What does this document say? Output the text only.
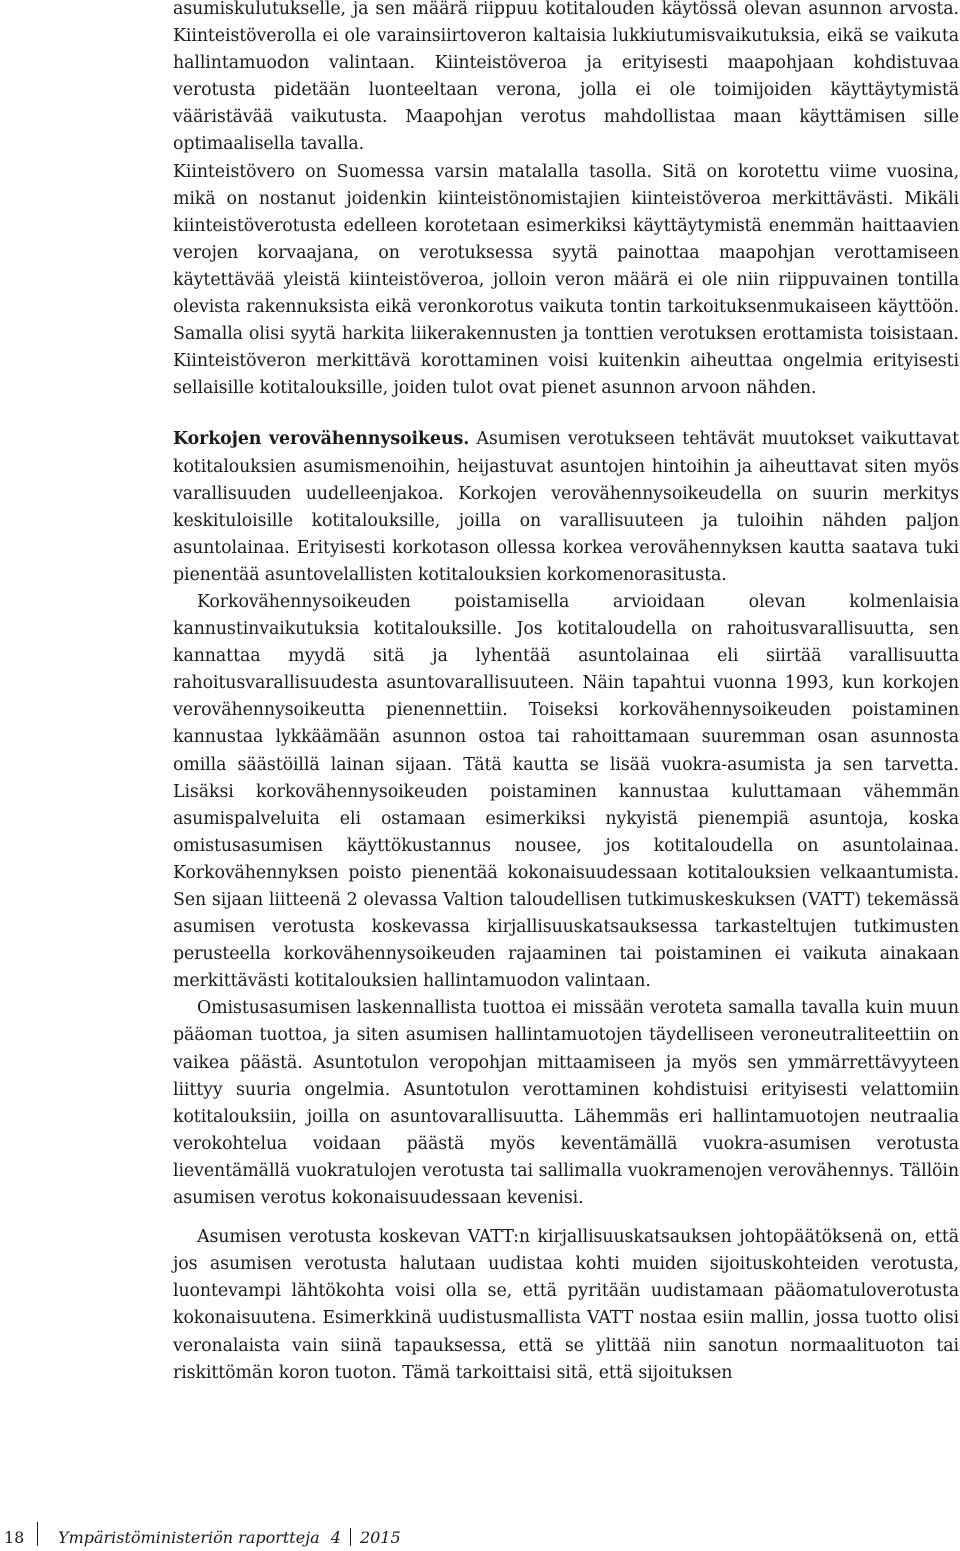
asumiskulutukselle, ja sen määrä riippuu kotitalouden käytössä olevan asunnon arvosta. Kiinteistöverolla ei ole varainsiirtoveron kaltaisia lukkiutumisvaikutuksia, eikä se vaikuta hallintamuodon valintaan. Kiinteistöveroa ja erityisesti maapohjaan kohdistuvaa verotusta pidetään luonteeltaan verona, jolla ei ole toimijoiden käyttäytymistä vääristävää vaikutusta. Maapohjan verotus mahdollistaa maan käyttämisen sille optimaalisella tavalla.

Kiinteistövero on Suomessa varsin matalalla tasolla. Sitä on korotettu viime vuosina, mikä on nostanut joidenkin kiinteistönomistajien kiinteistöveroa merkittävästi. Mikäli kiinteistöverotusta edelleen korotetaan esimerkiksi käyttäytymistä enemmän haittaavien verojen korvaajana, on verotuksessa syytä painottaa maapohjan verottamiseen käytettävää yleistä kiinteistöveroa, jolloin veron määrä ei ole niin riippuvainen tontilla olevista rakennuksista eikä veronkorotus vaikuta tontin tarkoituksenmukaiseen käyttöön. Samalla olisi syytä harkita liikerakennusten ja tonttien verotuksen erottamista toisistaan. Kiinteistöveron merkittävä korottaminen voisi kuitenkin aiheuttaa ongelmia erityisesti sellaisille kotitalouksille, joiden tulot ovat pienet asunnon arvoon nähden.

Korkojen verovähennysoikeus. Asumisen verotukseen tehtävät muutokset vaikuttavat kotitalouksien asumismenoihin, heijastuvat asuntojen hintoihin ja aiheuttavat siten myös varallisuuden uudelleenjakoa. Korkojen verovähennysoikeudella on suurin merkitys keskituloisille kotitalouksille, joilla on varallisuuteen ja tuloihin nähden paljon asuntolainaa. Erityisesti korkotason ollessa korkea verovähennyksen kautta saatava tuki pienentää asuntovelallisten kotitalouksien korkomenorasitusta.

Korkovähennysoikeuden poistamisella arvioidaan olevan kolmenlaisia kannustinvaikutuksia kotitalouksille. Jos kotitaloudella on rahoitusvarallisuutta, sen kannattaa myydä sitä ja lyhentää asuntolainaa eli siirtää varallisuutta rahoitusvarallisuudesta asuntovarallisuuteen. Näin tapahtui vuonna 1993, kun korkojen verovähennysoikeutta pienennettiin. Toiseksi korkovähennysoikeuden poistaminen kannustaa lykkäämään asunnon ostoa tai rahoittamaan suuremman osan asunnosta omilla säästöillä lainan sijaan. Tätä kautta se lisää vuokra-asumista ja sen tarvetta. Lisäksi korkovähennysoikeuden poistaminen kannustaa kuluttamaan vähemmän asumispalveluita eli ostamaan esimerkiksi nykyistä pienempiä asuntoja, koska omistusasumisen käyttökustannus nousee, jos kotitaloudella on asuntolainaa. Korkovähennyksen poisto pienentää kokonaisuudessaan kotitalouksien velkaantumista. Sen sijaan liitteenä 2 olevassa Valtion taloudellisen tutkimuskeskuksen (VATT) tekemässä asumisen verotusta koskevassa kirjallisuuskatsauksessa tarkasteltujen tutkimusten perusteella korkovähennysoikeuden rajaaminen tai poistaminen ei vaikuta ainakaan merkittävästi kotitalouksien hallintamuodon valintaan.

Omistusasumisen laskennallista tuottoa ei missään veroteta samalla tavalla kuin muun pääoman tuottoa, ja siten asumisen hallintamuotojen täydelliseen veroneutraliteettiin on vaikea päästä. Asuntotulon veropohjan mittaamiseen ja myös sen ymmärrettävyyteen liittyy suuria ongelmia. Asuntotulon verottaminen kohdistuisi erityisesti velattomiin kotitalouksiin, joilla on asuntovarallisuutta. Lähemmäs eri hallintamuotojen neutraalia verokohtelua voidaan päästä myös keventämällä vuokra-asumisen verotusta lieventämällä vuokratulojen verotusta tai sallimalla vuokramenojen verovähennys. Tällöin asumisen verotus kokonaisuudessaan kevenisi.

Asumisen verotusta koskevan VATT:n kirjallisuuskatsauksen johtopäätöksenä on, että jos asumisen verotusta halutaan uudistaa kohti muiden sijoituskohteiden verotusta, luontevampi lähtökohta voisi olla se, että pyritään uudistamaan pääomatuloverotusta kokonaisuutena. Esimerkkinä uudistusmallista VATT nostaa esiin mallin, jossa tuotto olisi veronalaista vain siinä tapauksessa, että se ylittää niin sanotun normaalituoton tai riskittömän koron tuoton. Tämä tarkoittaisi sitä, että sijoituksen

18 Ympäristöministeriön raportteja 4 2015
